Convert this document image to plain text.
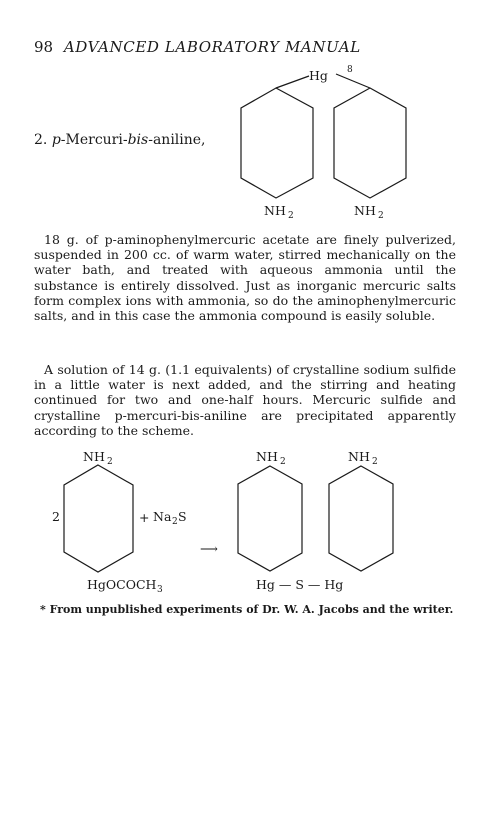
98 ADVANCED LABORATORY MANUAL
2. p-Mercuri-bis-aniline,
Hg 8
NH 2	NH 2
NH 2
2	+ Na 2 S
⟶
HgOCOCH 3
NH 2	NH 2
Hg — S — Hg

18 g. of p-aminophenylmercuric acetate are finely pulverized, suspended in 200 cc. of warm water, stirred mechanically on the water bath, and treated with aqueous ammonia until the substance is entirely dissolved. Just as inorganic mercuric salts form complex ions with ammonia, so do the aminophenylmercuric salts, and in this case the ammonia compound is easily soluble.

A solution of 14 g. (1.1 equivalents) of crystalline sodium sulfide in a little water is next added, and the stirring and heating continued for two and one-half hours. Mercuric sulfide and crystalline p-mercuri-bis-aniline are precipitated apparently according to the scheme.

* From unpublished experiments of Dr. W. A. Jacobs and the writer.
